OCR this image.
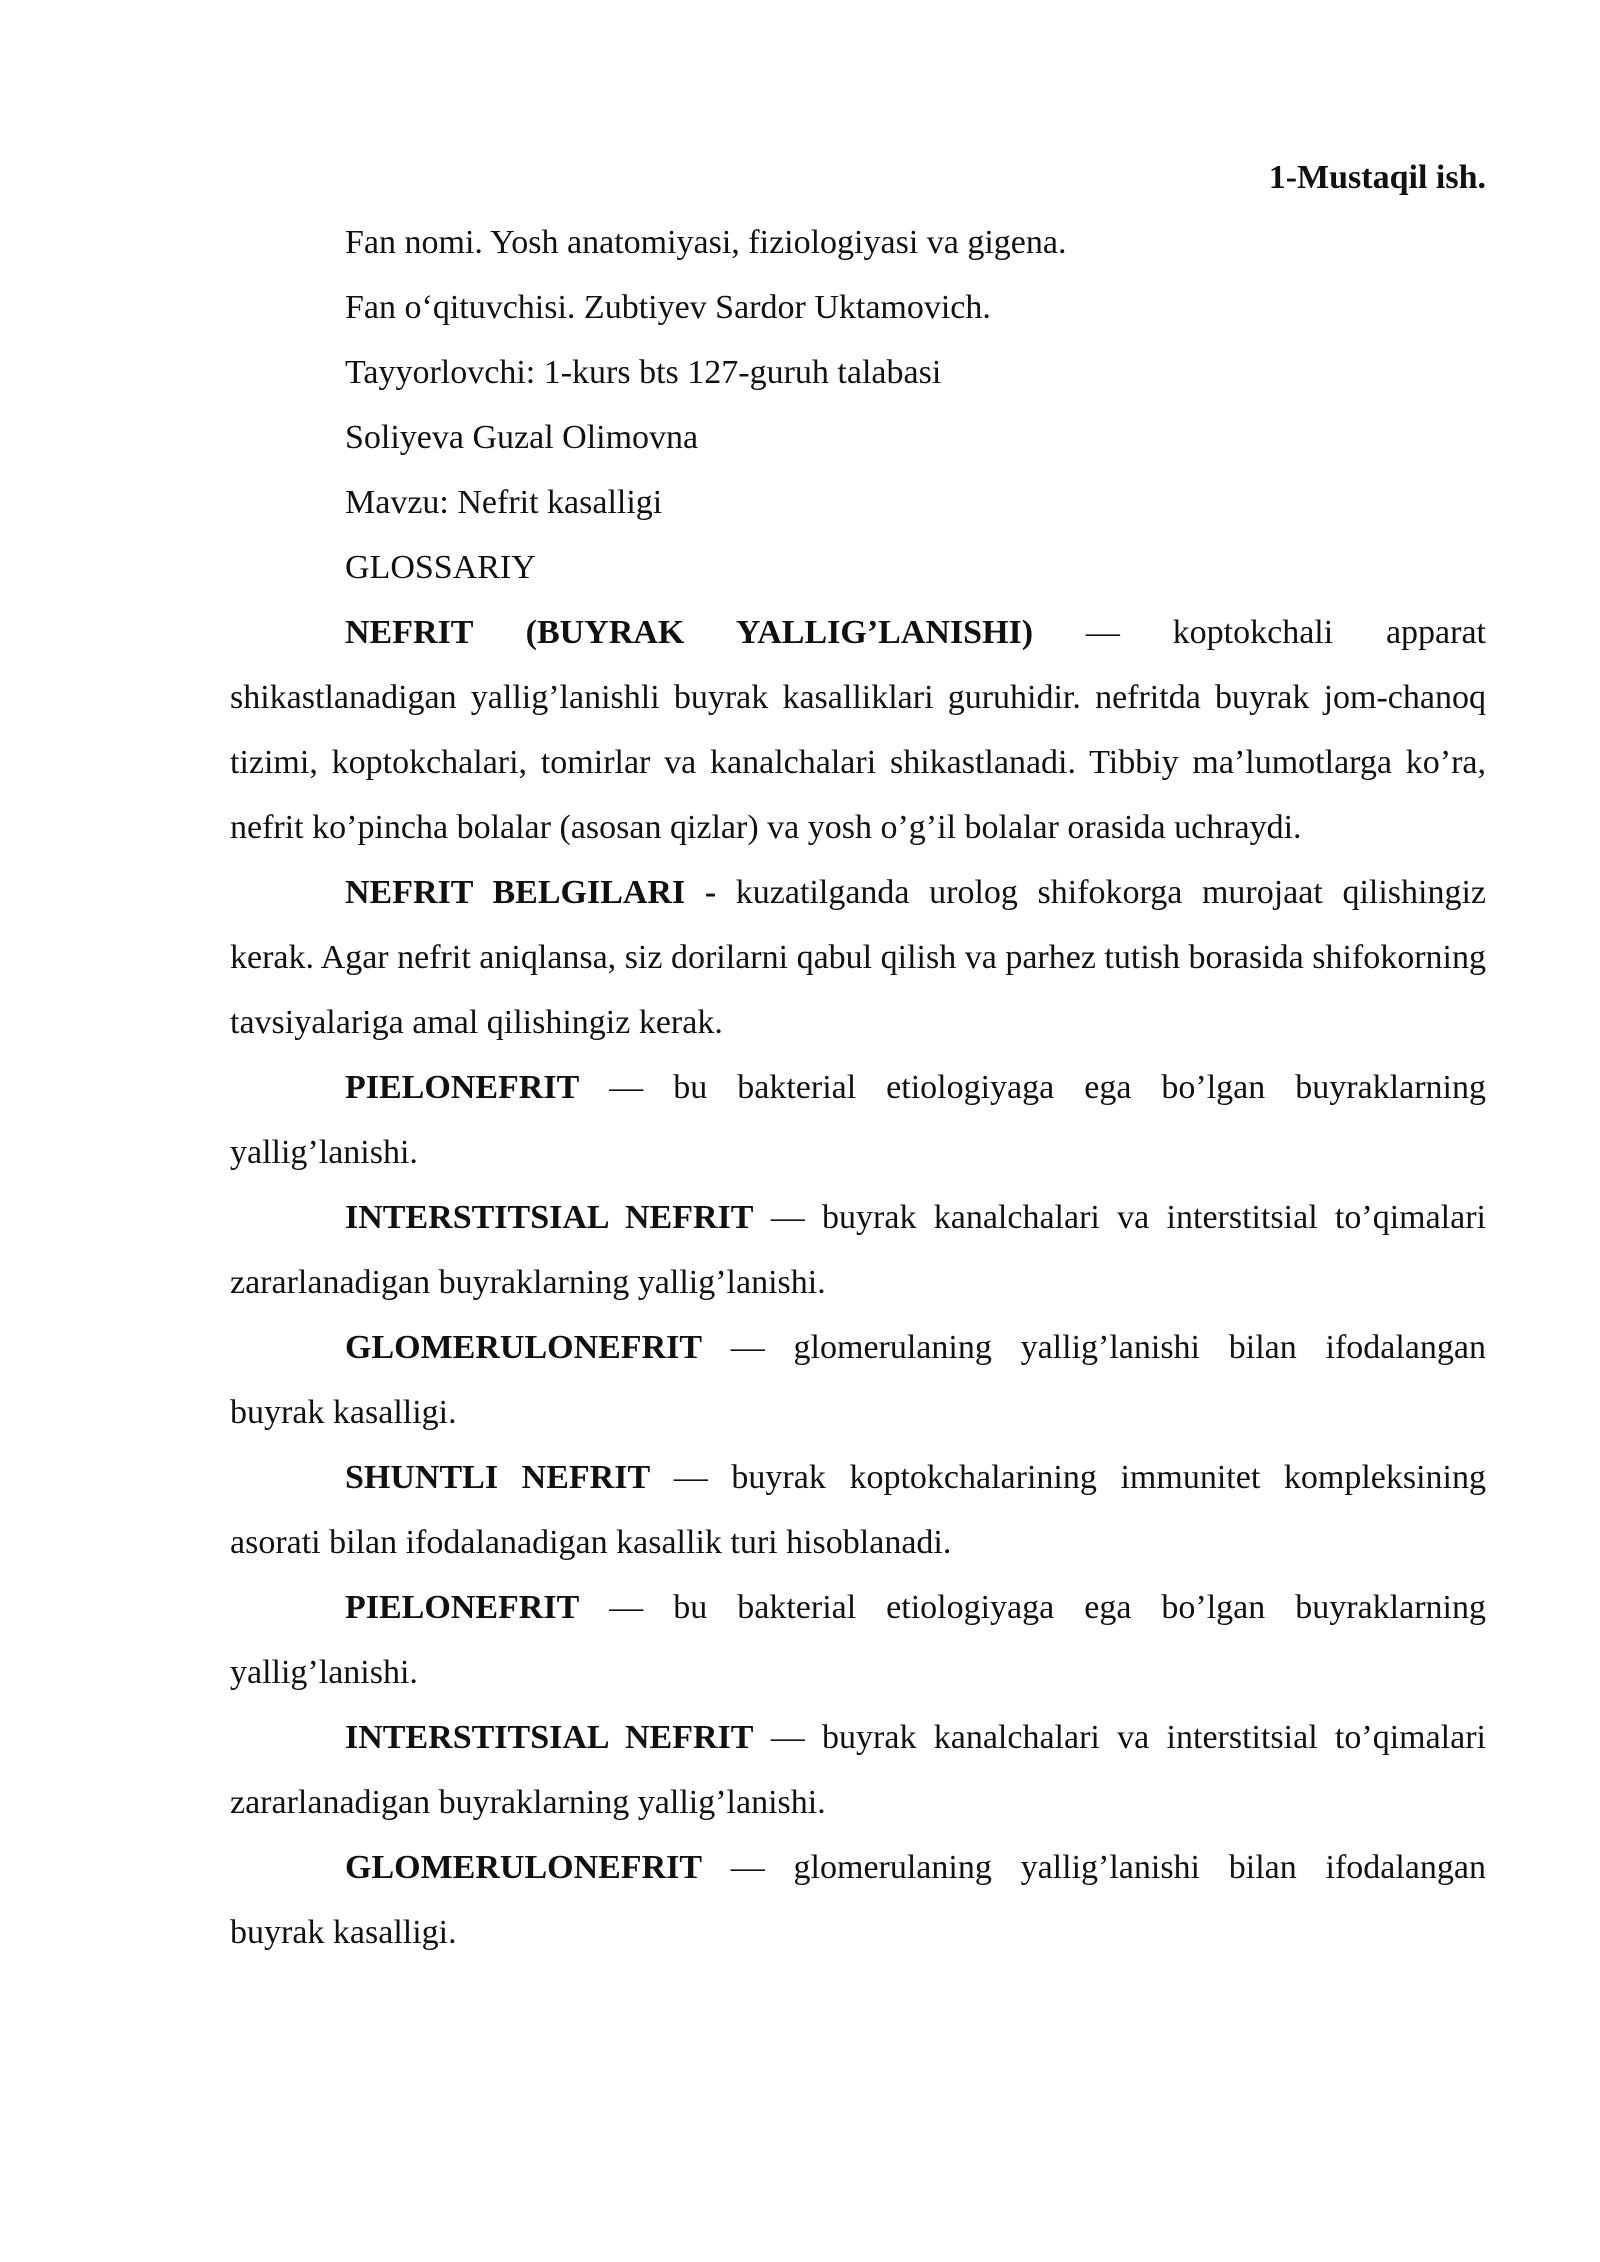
1-Mustaqil ish.

Fan nomi. Yosh anatomiyasi, fiziologiyasi va gigena.

Fan o‘qituvchisi. Zubtiyev Sardor Uktamovich.

Tayyorlovchi: 1-kurs bts 127-guruh talabasi

Soliyeva Guzal Olimovna

Mavzu: Nefrit kasalligi

GLOSSARIY

NEFRIT (BUYRAK YALLIG’LANISHI) — koptokchali apparat shikastlanadigan yallig’lanishli buyrak kasalliklari guruhidir. nefritda buyrak jom-chanoq tizimi, koptokchalari, tomirlar va kanalchalari shikastlanadi. Tibbiy ma’lumotlarga ko’ra, nefrit ko’pincha bolalar (asosan qizlar) va yosh o’g’il bolalar orasida uchraydi.

NEFRIT BELGILARI - kuzatilganda urolog shifokorga murojaat qilishingiz kerak. Agar nefrit aniqlansa, siz dorilarni qabul qilish va parhez tutish borasida shifokorning tavsiyalariga amal qilishingiz kerak.

PIELONEFRIT — bu bakterial etiologiyaga ega bo’lgan buyraklarning yallig’lanishi.

INTERSTITSIAL NEFRIT — buyrak kanalchalari va interstitsial to’qimalari zararlanadigan buyraklarning yallig’lanishi.

GLOMERULONEFRIT — glomerulaning yallig’lanishi bilan ifodalangan buyrak kasalligi.

SHUNTLI NEFRIT — buyrak koptokchalarining immunitet kompleksining asorati bilan ifodalanadigan kasallik turi hisoblanadi.

PIELONEFRIT — bu bakterial etiologiyaga ega bo’lgan buyraklarning yallig’lanishi.

INTERSTITSIAL NEFRIT — buyrak kanalchalari va interstitsial to’qimalari zararlanadigan buyraklarning yallig’lanishi.

GLOMERULONEFRIT — glomerulaning yallig’lanishi bilan ifodalangan buyrak kasalligi.
